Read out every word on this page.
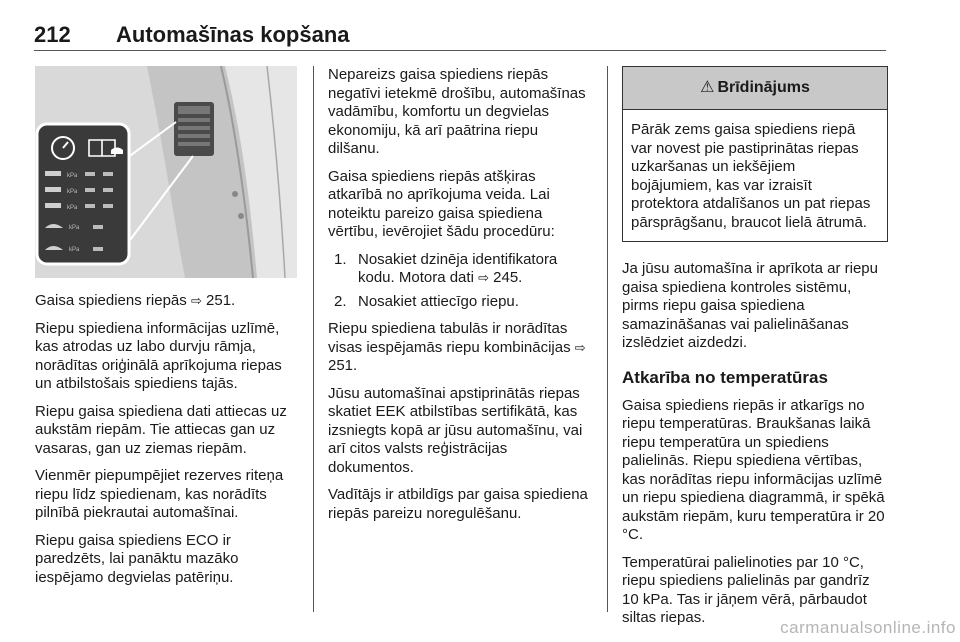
212 Automašīnas kopšana
kPa
kPa
kPa
kPa
kPa

Gaisa spiediens riepās ⇨ 251.

Riepu spiediena informācijas uzlīmē, kas atrodas uz labo durvju rāmja, norādītas oriģinālā aprīkojuma riepas un atbilstošais spiediens tajās.

Riepu gaisa spiediena dati attiecas uz aukstām riepām. Tie attiecas gan uz vasaras, gan uz ziemas riepām.

Vienmēr piepumpējiet rezerves riteņa riepu līdz spiedienam, kas norādīts pilnībā piekrautai automašīnai.

Riepu gaisa spiediens ECO ir paredzēts, lai panāktu mazāko iespējamo degvielas patēriņu.

Nepareizs gaisa spiediens riepās negatīvi ietekmē drošību, automašīnas vadāmību, komfortu un degvielas ekonomiju, kā arī paātrina riepu dilšanu.

Gaisa spiediens riepās atšķiras atkarībā no aprīkojuma veida. Lai noteiktu pareizo gaisa spiediena vērtību, ievērojiet šādu procedūru:

1. Nosakiet dzinēja identifikatora kodu. Motora dati ⇨ 245.
2. Nosakiet attiecīgo riepu.

Riepu spiediena tabulās ir norādītas visas iespējamās riepu kombinācijas ⇨ 251.

Jūsu automašīnai apstiprinātās riepas skatiet EEK atbilstības sertifikātā, kas izsniegts kopā ar jūsu automašīnu, vai arī citos valsts reģistrācijas dokumentos.

Vadītājs ir atbildīgs par gaisa spiediena riepās pareizu noregulēšanu.

⚠ Brīdinājums
Pārāk zems gaisa spiediens riepā var novest pie pastiprinātas riepas uzkaršanas un iekšējiem bojājumiem, kas var izraisīt protektora atdalīšanos un pat riepas pārsprāgšanu, braucot lielā ātrumā.

Ja jūsu automašīna ir aprīkota ar riepu gaisa spiediena kontroles sistēmu, pirms riepu gaisa spiediena samazināšanas vai palielināšanas izslēdziet aizdedzi.

Atkarība no temperatūras

Gaisa spiediens riepās ir atkarīgs no riepu temperatūras. Braukšanas laikā riepu temperatūra un spiediens palielinās. Riepu spiediena vērtības, kas norādītas riepu informācijas uzlīmē un riepu spiediena diagrammā, ir spēkā aukstām riepām, kuru temperatūra ir 20 °C.

Temperatūrai palielinoties par 10 °C, riepu spiediens palielinās par gandrīz 10 kPa. Tas ir jāņem vērā, pārbaudot siltas riepas.

carmanualsonline.info
